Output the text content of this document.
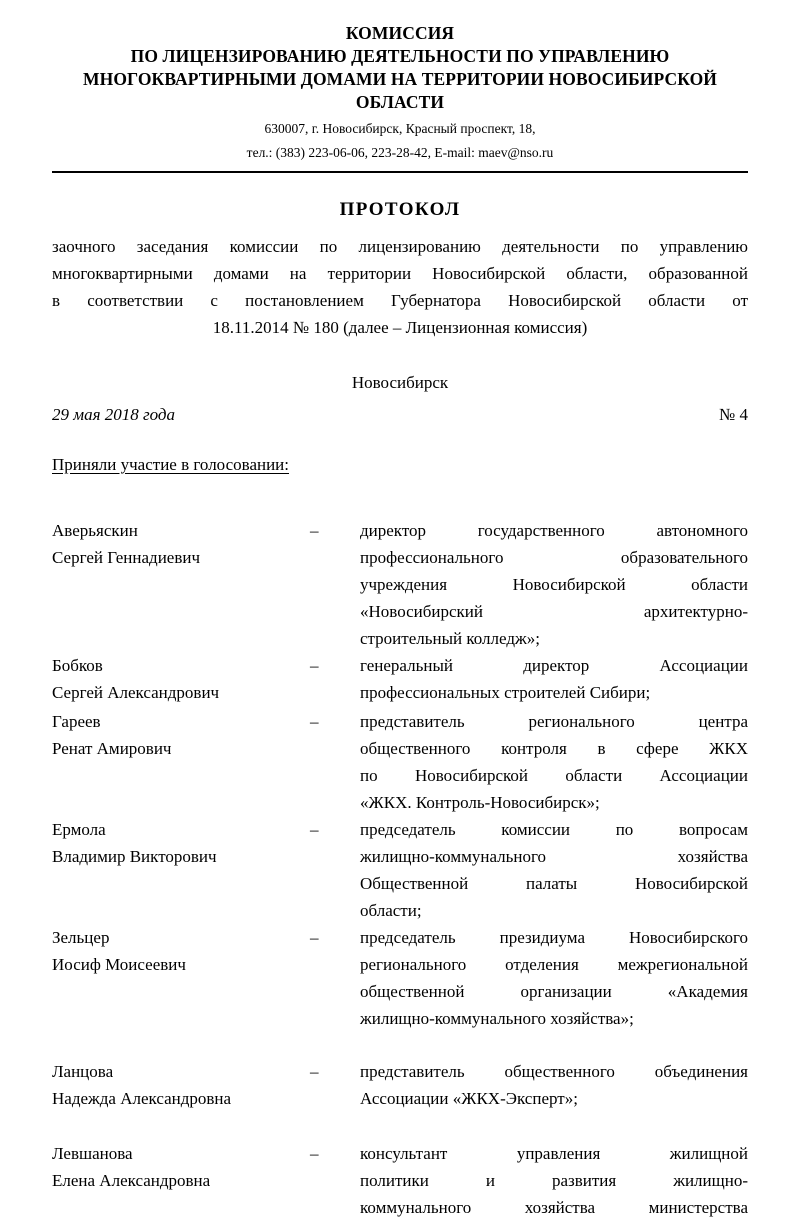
КОМИССИЯ
ПО ЛИЦЕНЗИРОВАНИЮ ДЕЯТЕЛЬНОСТИ ПО УПРАВЛЕНИЮ
МНОГОКВАРТИРНЫМИ ДОМАМИ НА ТЕРРИТОРИИ НОВОСИБИРСКОЙ
ОБЛАСТИ
630007, г. Новосибирск, Красный проспект, 18,
тел.: (383) 223-06-06, 223-28-42, E-mail: maev@nso.ru
ПРОТОКОЛ
заочного заседания комиссии по лицензированию деятельности по управлению
многоквартирными домами на территории Новосибирской области, образованной
в соответствии с постановлением Губернатора Новосибирской области от
18.11.2014 № 180 (далее – Лицензионная комиссия)
Новосибирск
29 мая 2018 года	№ 4
Приняли участие в голосовании:
Аверьяскин
Сергей Геннадиевич	–	директор государственного автономного
профессионального образовательного
учреждения Новосибирской области
«Новосибирский архитектурно-
строительный колледж»;

Бобков
Сергей Александрович	–	генеральный директор Ассоциации
профессиональных строителей Сибири;

Гареев
Ренат Амирович	–	представитель регионального центра
общественного контроля в сфере ЖКХ
по Новосибирской области Ассоциации
«ЖКХ. Контроль-Новосибирск»;

Ермола
Владимир Викторович	–	председатель комиссии по вопросам
жилищно-коммунального хозяйства
Общественной палаты Новосибирской
области;

Зельцер
Иосиф Моисеевич	–	председатель президиума Новосибирского
регионального отделения межрегиональной
общественной организации «Академия
жилищно-коммунального хозяйства»;

Ланцова
Надежда Александровна	–	представитель общественного объединения
Ассоциации «ЖКХ-Эксперт»;

Левшанова
Елена Александровна	–	консультант управления жилищной
политики и развития жилищно-
коммунального хозяйства министерства
